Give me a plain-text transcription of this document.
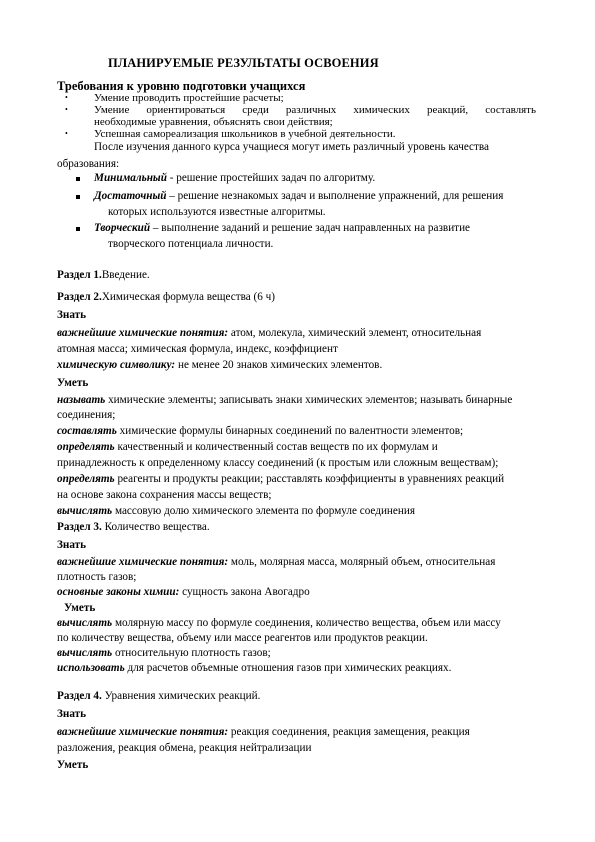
ПЛАНИРУЕМЫЕ РЕЗУЛЬТАТЫ ОСВОЕНИЯ
Требования к уровню подготовки учащихся
• Умение проводить простейшие расчеты;
• Умение ориентироваться среди различных химических реакций, составлять
необходимые уравнения, объяснять свои действия;
• Успешная самореализация школьников в учебной деятельности.
После изучения данного курса учащиеся могут иметь различный уровень качества
образования:
Минимальный - решение простейших задач по алгоритму.
Достаточный – решение незнакомых задач и выполнение упражнений, для решения
которых используются известные алгоритмы.
Творческий – выполнение заданий и решение задач направленных на развитие
творческого потенциала личности.
Раздел 1.Введение.
Раздел 2.Химическая формула вещества (6 ч)
Знать
важнейшие химические понятия: атом, молекула, химический элемент, относительная
атомная масса; химическая формула, индекс, коэффициент
химическую символику: не менее 20 знаков химических элементов.
Уметь
называть химические элементы; записывать знаки химических элементов; называть бинарные
соединения;
составлять химические формулы бинарных соединений по валентности элементов;
определять качественный и количественный состав веществ по их формулам и
принадлежность к определенному классу соединений (к простым или сложным веществам);
определять реагенты и продукты реакции; расставлять коэффициенты в уравнениях реакций
на основе закона сохранения массы веществ;
вычислять массовую долю химического элемента по формуле соединения
Раздел 3. Количество вещества.
Знать
важнейшие химические понятия: моль, молярная масса, молярный объем, относительная
плотность газов;
основные законы химии: сущность закона Авогадро
Уметь
вычислять молярную массу по формуле соединения, количество вещества, объем или массу
по количеству вещества, объему или массе реагентов или продуктов реакции.
вычислять относительную плотность газов;
использовать для расчетов объемные отношения газов при химических реакциях.
Раздел 4. Уравнения химических реакций.
Знать
важнейшие химические понятия: реакция соединения, реакция замещения, реакция
разложения, реакция обмена, реакция нейтрализации
Уметь
